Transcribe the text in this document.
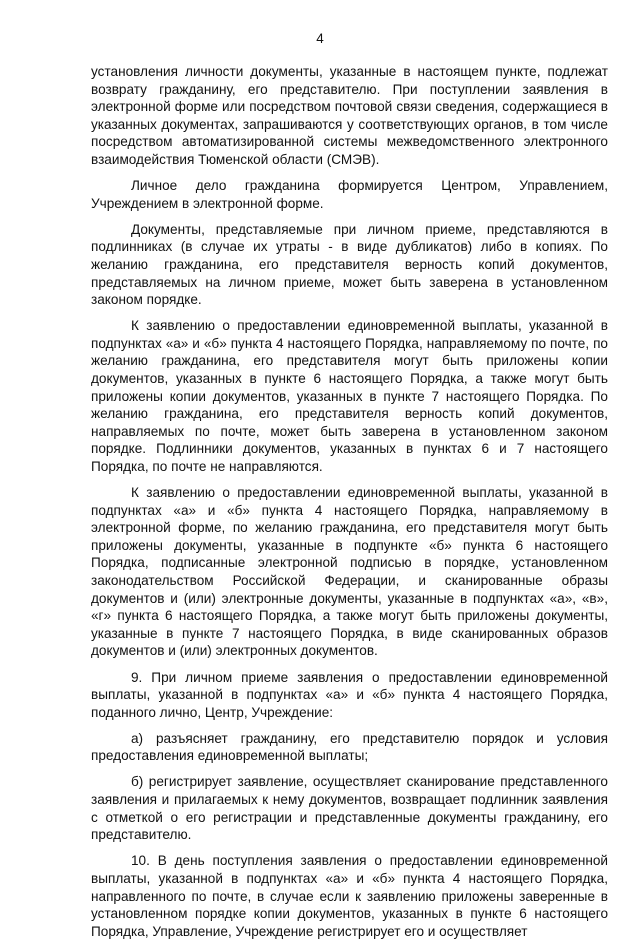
4

установления личности документы, указанные в настоящем пункте, подлежат возврату гражданину, его представителю. При поступлении заявления в электронной форме или посредством почтовой связи сведения, содержащиеся в указанных документах, запрашиваются у соответствующих органов, в том числе посредством автоматизированной системы межведомственного электронного взаимодействия Тюменской области (СМЭВ).

Личное дело гражданина формируется Центром, Управлением, Учреждением в электронной форме.

Документы, представляемые при личном приеме, представляются в подлинниках (в случае их утраты - в виде дубликатов) либо в копиях. По желанию гражданина, его представителя верность копий документов, представляемых на личном приеме, может быть заверена в установленном законом порядке.

К заявлению о предоставлении единовременной выплаты, указанной в подпунктах «а» и «б» пункта 4 настоящего Порядка, направляемому по почте, по желанию гражданина, его представителя могут быть приложены копии документов, указанных в пункте 6 настоящего Порядка, а также могут быть приложены копии документов, указанных в пункте 7 настоящего Порядка. По желанию гражданина, его представителя верность копий документов, направляемых по почте, может быть заверена в установленном законом порядке. Подлинники документов, указанных в пунктах 6 и 7 настоящего Порядка, по почте не направляются.

К заявлению о предоставлении единовременной выплаты, указанной в подпунктах «а» и «б» пункта 4 настоящего Порядка, направляемому в электронной форме, по желанию гражданина, его представителя могут быть приложены документы, указанные в подпункте «б» пункта 6 настоящего Порядка, подписанные электронной подписью в порядке, установленном законодательством Российской Федерации, и сканированные образы документов и (или) электронные документы, указанные в подпунктах «а», «в», «г» пункта 6 настоящего Порядка, а также могут быть приложены документы, указанные в пункте 7 настоящего Порядка, в виде сканированных образов документов и (или) электронных документов.

9. При личном приеме заявления о предоставлении единовременной выплаты, указанной в подпунктах «а» и «б» пункта 4 настоящего Порядка, поданного лично, Центр, Учреждение:

а) разъясняет гражданину, его представителю порядок и условия предоставления единовременной выплаты;

б) регистрирует заявление, осуществляет сканирование представленного заявления и прилагаемых к нему документов, возвращает подлинник заявления с отметкой о его регистрации и представленные документы гражданину, его представителю.

10. В день поступления заявления о предоставлении единовременной выплаты, указанной в подпунктах «а» и «б» пункта 4 настоящего Порядка, направленного по почте, в случае если к заявлению приложены заверенные в установленном порядке копии документов, указанных в пункте 6 настоящего Порядка, Управление, Учреждение регистрирует его и осуществляет
